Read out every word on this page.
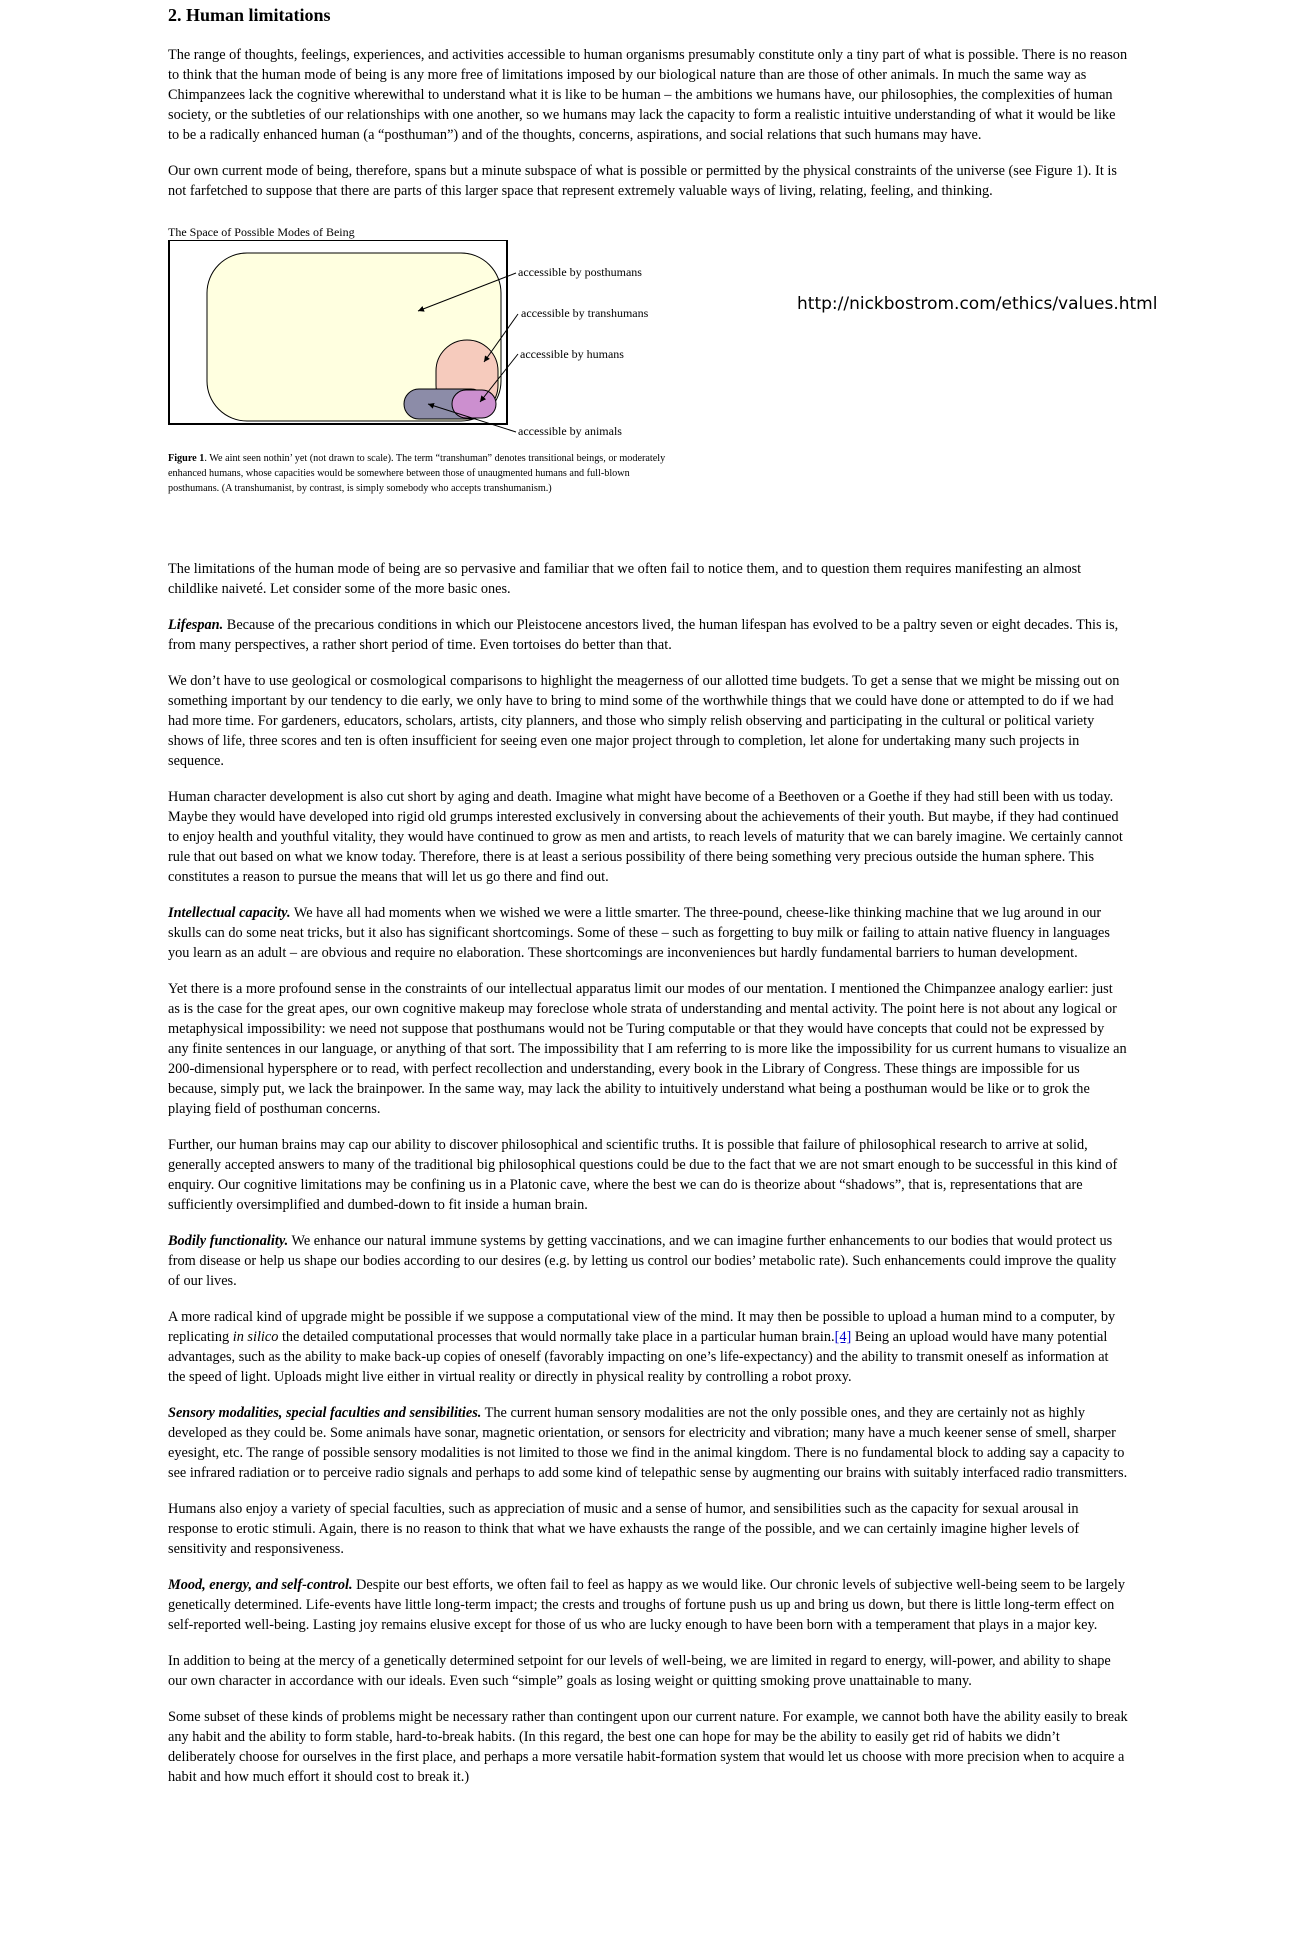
2. Human limitations

The range of thoughts, feelings, experiences, and activities accessible to human organisms presumably constitute only a tiny part of what is possible. There is no reason to think that the human mode of being is any more free of limitations imposed by our biological nature than are those of other animals. In much the same way as Chimpanzees lack the cognitive wherewithal to understand what it is like to be human – the ambitions we humans have, our philosophies, the complexities of human society, or the subtleties of our relationships with one another, so we humans may lack the capacity to form a realistic intuitive understanding of what it would be like to be a radically enhanced human (a “posthuman”) and of the thoughts, concerns, aspirations, and social relations that such humans may have.

Our own current mode of being, therefore, spans but a minute subspace of what is possible or permitted by the physical constraints of the universe (see Figure 1). It is not farfetched to suppose that there are parts of this larger space that represent extremely valuable ways of living, relating, feeling, and thinking.

The Space of Possible Modes of Being
accessible by posthumans
accessible by transhumans
accessible by humans
accessible by animals
Figure 1. We aint seen nothin’ yet (not drawn to scale). The term “transhuman” denotes transitional beings, or moderately enhanced humans, whose capacities would be somewhere between those of unaugmented humans and full-blown posthumans. (A transhumanist, by contrast, is simply somebody who accepts transhumanism.)

The limitations of the human mode of being are so pervasive and familiar that we often fail to notice them, and to question them requires manifesting an almost childlike naiveté. Let consider some of the more basic ones.

Lifespan. Because of the precarious conditions in which our Pleistocene ancestors lived, the human lifespan has evolved to be a paltry seven or eight decades. This is, from many perspectives, a rather short period of time. Even tortoises do better than that.

We don’t have to use geological or cosmological comparisons to highlight the meagerness of our allotted time budgets. To get a sense that we might be missing out on something important by our tendency to die early, we only have to bring to mind some of the worthwhile things that we could have done or attempted to do if we had had more time. For gardeners, educators, scholars, artists, city planners, and those who simply relish observing and participating in the cultural or political variety shows of life, three scores and ten is often insufficient for seeing even one major project through to completion, let alone for undertaking many such projects in sequence.

Human character development is also cut short by aging and death. Imagine what might have become of a Beethoven or a Goethe if they had still been with us today. Maybe they would have developed into rigid old grumps interested exclusively in conversing about the achievements of their youth. But maybe, if they had continued to enjoy health and youthful vitality, they would have continued to grow as men and artists, to reach levels of maturity that we can barely imagine. We certainly cannot rule that out based on what we know today. Therefore, there is at least a serious possibility of there being something very precious outside the human sphere. This constitutes a reason to pursue the means that will let us go there and find out.

Intellectual capacity. We have all had moments when we wished we were a little smarter. The three-pound, cheese-like thinking machine that we lug around in our skulls can do some neat tricks, but it also has significant shortcomings. Some of these – such as forgetting to buy milk or failing to attain native fluency in languages you learn as an adult – are obvious and require no elaboration. These shortcomings are inconveniences but hardly fundamental barriers to human development.

Yet there is a more profound sense in the constraints of our intellectual apparatus limit our modes of our mentation. I mentioned the Chimpanzee analogy earlier: just as is the case for the great apes, our own cognitive makeup may foreclose whole strata of understanding and mental activity. The point here is not about any logical or metaphysical impossibility: we need not suppose that posthumans would not be Turing computable or that they would have concepts that could not be expressed by any finite sentences in our language, or anything of that sort. The impossibility that I am referring to is more like the impossibility for us current humans to visualize an 200-dimensional hypersphere or to read, with perfect recollection and understanding, every book in the Library of Congress. These things are impossible for us because, simply put, we lack the brainpower. In the same way, may lack the ability to intuitively understand what being a posthuman would be like or to grok the playing field of posthuman concerns.

Further, our human brains may cap our ability to discover philosophical and scientific truths. It is possible that failure of philosophical research to arrive at solid, generally accepted answers to many of the traditional big philosophical questions could be due to the fact that we are not smart enough to be successful in this kind of enquiry. Our cognitive limitations may be confining us in a Platonic cave, where the best we can do is theorize about “shadows”, that is, representations that are sufficiently oversimplified and dumbed-down to fit inside a human brain.

Bodily functionality. We enhance our natural immune systems by getting vaccinations, and we can imagine further enhancements to our bodies that would protect us from disease or help us shape our bodies according to our desires (e.g. by letting us control our bodies’ metabolic rate). Such enhancements could improve the quality of our lives.

A more radical kind of upgrade might be possible if we suppose a computational view of the mind. It may then be possible to upload a human mind to a computer, by replicating in silico the detailed computational processes that would normally take place in a particular human brain.[4] Being an upload would have many potential advantages, such as the ability to make back-up copies of oneself (favorably impacting on one’s life-expectancy) and the ability to transmit oneself as information at the speed of light. Uploads might live either in virtual reality or directly in physical reality by controlling a robot proxy.

Sensory modalities, special faculties and sensibilities. The current human sensory modalities are not the only possible ones, and they are certainly not as highly developed as they could be. Some animals have sonar, magnetic orientation, or sensors for electricity and vibration; many have a much keener sense of smell, sharper eyesight, etc. The range of possible sensory modalities is not limited to those we find in the animal kingdom. There is no fundamental block to adding say a capacity to see infrared radiation or to perceive radio signals and perhaps to add some kind of telepathic sense by augmenting our brains with suitably interfaced radio transmitters.

Humans also enjoy a variety of special faculties, such as appreciation of music and a sense of humor, and sensibilities such as the capacity for sexual arousal in response to erotic stimuli. Again, there is no reason to think that what we have exhausts the range of the possible, and we can certainly imagine higher levels of sensitivity and responsiveness.

Mood, energy, and self-control. Despite our best efforts, we often fail to feel as happy as we would like. Our chronic levels of subjective well-being seem to be largely genetically determined. Life-events have little long-term impact; the crests and troughs of fortune push us up and bring us down, but there is little long-term effect on self-reported well-being. Lasting joy remains elusive except for those of us who are lucky enough to have been born with a temperament that plays in a major key.

In addition to being at the mercy of a genetically determined setpoint for our levels of well-being, we are limited in regard to energy, will-power, and ability to shape our own character in accordance with our ideals. Even such “simple” goals as losing weight or quitting smoking prove unattainable to many.

Some subset of these kinds of problems might be necessary rather than contingent upon our current nature. For example, we cannot both have the ability easily to break any habit and the ability to form stable, hard-to-break habits. (In this regard, the best one can hope for may be the ability to easily get rid of habits we didn’t deliberately choose for ourselves in the first place, and perhaps a more versatile habit-formation system that would let us choose with more precision when to acquire a habit and how much effort it should cost to break it.)

http://nickbostrom.com/ethics/values.html
